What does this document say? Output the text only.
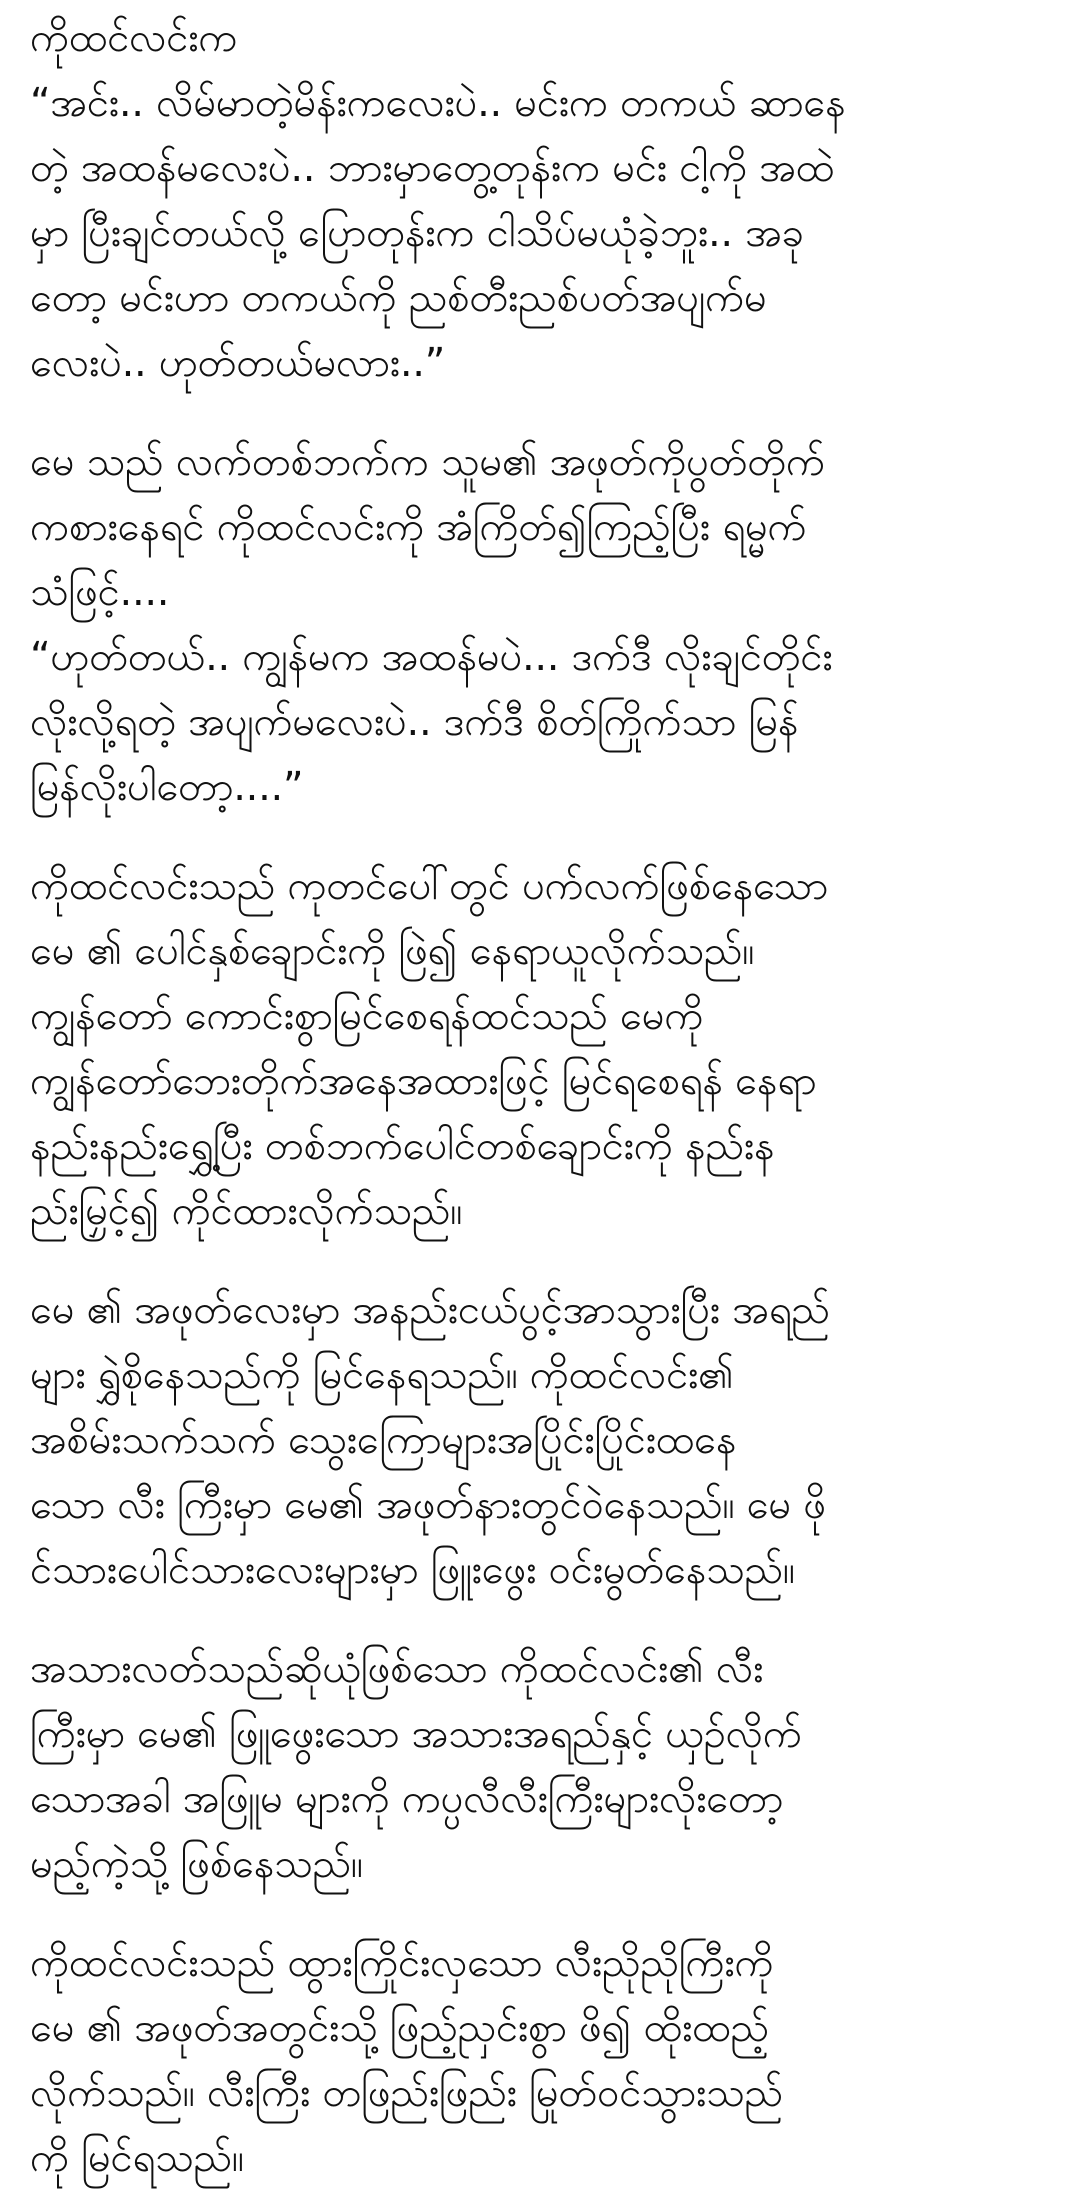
ကိုထင်လင်းက
“အင်း.. လိမ်မာတဲ့မိန်းကလေးပဲ.. မင်းက တကယ် ဆာနေ
တဲ့ အထန်မလေးပဲ.. ဘားမှာတွေ့တုန်းက မင်း ငါ့ကို အထဲ
မှာ ပြီးချင်တယ်လို့ ပြောတုန်းက ငါသိပ်မယုံခဲ့ဘူး.. အခု
တော့ မင်းဟာ တကယ်ကို ညစ်တီးညစ်ပတ်အပျက်မ
လေးပဲ.. ဟုတ်တယ်မလား..”
မေ သည် လက်တစ်ဘက်က သူမ၏ အဖုတ်ကိုပွတ်တိုက်
ကစားနေရင် ကိုထင်လင်းကို အံကြိတ်၍ကြည့်ပြီး ရမ္မက်
သံဖြင့်....
“ဟုတ်တယ်.. ကျွန်မက အထန်မပဲ... ဒက်ဒီ လိုးချင်တိုင်း
လိုးလို့ရတဲ့ အပျက်မလေးပဲ.. ဒက်ဒီ စိတ်ကြိုက်သာ မြန်
မြန်လိုးပါတော့....”
ကိုထင်လင်းသည် ကုတင်ပေါ်တွင် ပက်လက်ဖြစ်နေသော
မေ ၏ ပေါင်နှစ်ချောင်းကို ဖြဲ၍ နေရာယူလိုက်သည်။
ကျွန်တော် ကောင်းစွာမြင်စေရန်ထင်သည် မေကို
ကျွန်တော်ဘေးတိုက်အနေအထားဖြင့် မြင်ရစေရန် နေရာ
နည်းနည်းရွှေ့ပြီး တစ်ဘက်ပေါင်တစ်ချောင်းကို နည်းန
ည်းမြှင့်၍ ကိုင်ထားလိုက်သည်။
မေ ၏ အဖုတ်လေးမှာ အနည်းငယ်ပွင့်အာသွားပြီး အရည်
များ ရွှဲစိုနေသည်ကို မြင်နေရသည်။ ကိုထင်လင်း၏
အစိမ်းသက်သက် သွေးကြောများအပြိုင်းပြိုင်းထနေ
သော လီး ကြီးမှာ မေ၏ အဖုတ်နားတွင်ဝဲနေသည်။ မေ ဖို
င်သားပေါင်သားလေးများမှာ ဖြူးဖွေး ဝင်းမွတ်နေသည်။
အသားလတ်သည်ဆိုယုံဖြစ်သော ကိုထင်လင်း၏ လီး
ကြီးမှာ မေ၏ ဖြူဖွေးသော အသားအရည်နှင့် ယှဉ်လိုက်
သောအခါ အဖြူမ များကို ကပ္ပလီလီးကြီးများလိုးတော့
မည့်ကဲ့သို့ ဖြစ်နေသည်။
ကိုထင်လင်းသည် ထွားကြိုင်းလှသော လီးညိုညိုကြီးကို
မေ ၏ အဖုတ်အတွင်းသို့ ဖြည့်ညှင်းစွာ ဖိ၍ ထိုးထည့်
လိုက်သည်။ လီးကြီး တဖြည်းဖြည်း မြုတ်ဝင်သွားသည်
ကို မြင်ရသည်။
